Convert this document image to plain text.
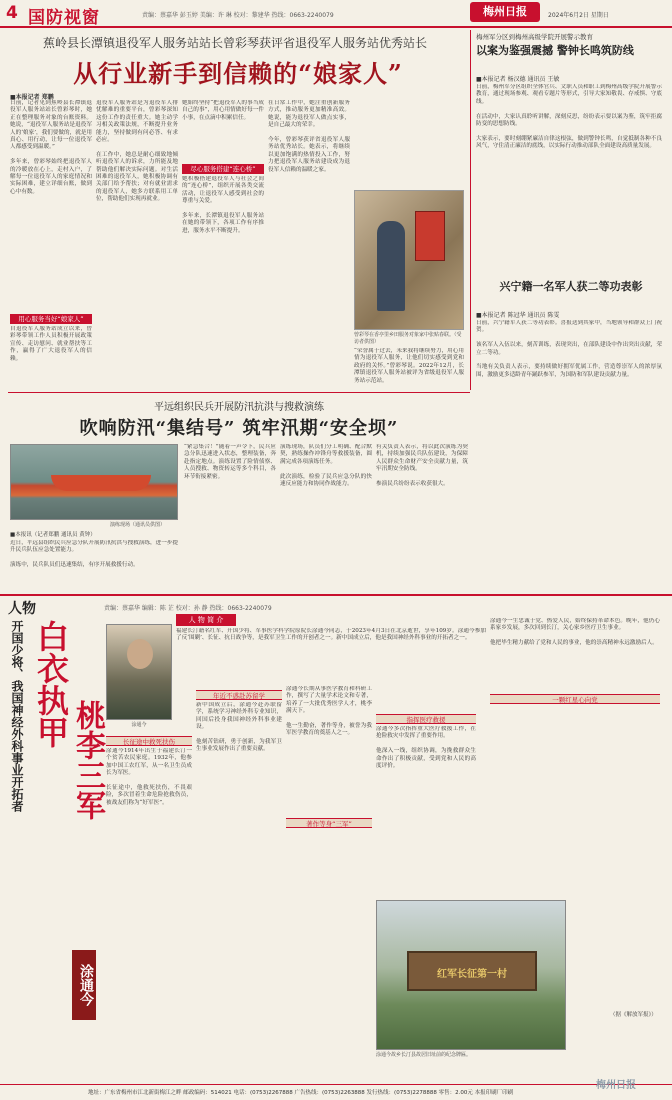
4 国防视窗	责编：蔡嘉华 彭玉婷 美编：许 琳 校对：黎建华 热线：0663-2240079	梅州日报	2024年6月2日 星期日
蕉岭县长潭镇退役军人服务站站长曾彩琴获评省退役军人服务站优秀站长
从行业新手到信赖的“娘家人”
■本报记者 郑鹏
日前，记者见到蕉岭县长潭镇退役军人服务站站长曾彩琴时，她正在整理服务对象的台账资料。她说，“退役军人服务站是退役军人的‘娘家’，我们要做的，就是用真心、用行动，让每一位退役军人都感受到温暖。”

多年来，曾彩琴始终把退役军人的冷暖放在心上，走村入户，了解每一位退役军人的家庭情况和实际困难，建立详细台账，做到心中有数。
用心服务当好“娘家人”
自退役军人服务站成立以来，曾彩琴带领工作人员积极开展政策宣传、走访慰问、就业帮扶等工作，赢得了广大退役军人的信赖。
退役军人服务站是为退役军人排忧解难的重要平台，曾彩琴深知这份工作的责任重大。她主动学习相关政策法规，不断提升业务能力，坚持做到有问必答、有求必应。

在工作中，她总是耐心细致地倾听退役军人的诉求，力所能及地帮助他们解决实际问题。对生活困难的退役军人，她积极协调有关部门给予帮扶；对有就业需求的退役军人，她多方联系用工单位，帮助他们实现再就业。
她始终坚持“把退役军人的事当成自己的事”，用心用情做好每一件小事，在点滴中积累信任。
尽心服务搭建“连心桥”
她积极搭建退役军人与社会之间的“连心桥”，组织开展各类交流活动，让退役军人感受到社会的尊重与关爱。

多年来，长潭镇退役军人服务站在她的带领下，各项工作有序推进，服务水平不断提升。
在日常工作中，她注重创新服务方式，推动服务更加精准高效。她说，能为退役军人做点实事，是自己最大的荣幸。

今年，曾彩琴获评省退役军人服务站优秀站长。她表示，将继续以更加饱满的热情投入工作，努力把退役军人服务站建设成为退役军人信赖的温暖之家。
曾彩琴在香亭里乡田服务对象家中张贴春联。（受访者供图）
“荣誉属于过去，未来我将继续努力，用心用情为退役军人服务，让他们切实感受到党和政府的关怀。”曾彩琴说。2022年12月，长潭镇退役军人服务站被评为省级退役军人服务站示范站。
梅州军分区到梅州高级学院开展警示教育
以案为鉴强震撼 警钟长鸣筑防线
■本报记者 杨汉德 通讯员 王敏
日前，梅州军分区组织全体官兵、文职人员和职工到梅州高级学院开展警示教育，通过现场参观、观看专题片等形式，引导大家知敬畏、存戒惧、守底线。

在活动中，大家认真聆听讲解，深刻反思，纷纷表示要以案为鉴，筑牢拒腐防变的思想防线。

大家表示，要时刻绷紧廉洁自律这根弦，做到警钟长鸣，自觉抵制各种不良风气，守住清正廉洁的底线，以实际行动推动部队全面建设高质量发展。
兴宁籍一名军人获二等功表彰
■本报记者 陈冠华 通讯员 陈雯
日前，兴宁籍军人获二等功表彰。喜报送到其家中，当地领导和群众上门祝贺。

该名军人入伍以来，刻苦训练，表现突出，在部队建设中作出突出贡献，荣立二等功。

当地有关负责人表示，要持续做好拥军优属工作，营造尊崇军人的浓厚氛围，激励更多适龄青年踊跃参军，为国防和军队建设贡献力量。
平远组织民兵开展防汛抗洪与搜救演练
吹响防汛“集结号” 筑牢汛期“安全坝”
演练现场（通讯员供图）
■本报讯（记者郑鹏 通讯员 黄钟）
近日，平远县组织民兵应急分队开展防汛抗洪与搜救演练，进一步提升民兵队伍应急处置能力。

演练中，民兵队员们迅速集结，有序开展救援行动。
“紧急集合！”随着一声令下，民兵应急分队迅速进入状态，整理装备，奔赴指定地点。演练设置了险情侦察、人员搜救、物资转运等多个科目，各环节衔接紧密。
演练现场，队员们分工明确、配合默契，熟练操作冲锋舟等救援装备，圆满完成各项演练任务。

此次演练，检验了民兵应急分队的快速反应能力和协同作战能力。
有关负责人表示，将以此次演练为契机，持续加强民兵队伍建设，为保障人民群众生命财产安全贡献力量，筑牢汛期安全防线。

参演民兵纷纷表示收获很大。
人物	责编：蔡嘉华 编辑：陈 芷 校对：孙 静 热线：0663-2240079
开国少将、我国神经外科事业开拓者 白衣执甲
桃李三军
涂通今
涂通今
人 物 简 介
福建长汀籍名红军、开国少将、军事医学科学院原院长涂通今同志，于2023年4月3日在北京逝世，享年109岁。涂通今参加了反‘围剿’、长征、抗日战争等，是我军卫生工作的开创者之一。新中国成立后，他是我国神经外科事业的开拓者之一。
长征途中救死扶伤
涂通今1914年出生于福建长汀一个贫苦农民家庭。1932年，他参加中国工农红军，从一名卫生员成长为军医。

长征途中，他救死扶伤，不畏艰险，多次冒着生命危险抢救伤员，被战友们称为“好军医”。
年近不惑赴苏留学
新中国成立后，涂通今赴苏联留学，系统学习神经外科专业知识，回国后投身我国神经外科事业建设。

他刻苦钻研，勇于创新，为我军卫生事业发展作出了重要贡献。
著作等身“三军”
涂通今长期从事医学教育和科研工作，撰写了大量学术论文和专著，培养了一大批优秀医学人才，桃李满天下。

他一生勤奋，著作等身，被誉为我军医学教育的奠基人之一。
指挥医疗救援
涂通今多次指挥重大医疗救援工作，在抢险救灾中发挥了重要作用。

他深入一线，组织协调，为挽救群众生命作出了积极贡献，受到党和人民的高度评价。
一颗红星心向党
涂通今一生忠诚于党、热爱人民，始终保持革命本色。晚年，他仍心系家乡发展，多次回到长汀，关心家乡医疗卫生事业。

他把毕生精力献给了党和人民的事业，他的崇高精神永远激励后人。
（据《解放军报》）
红军长征第一村
涂通今故乡长汀县故居旧址前的纪念牌匾。
地址：广东省梅州市江北新街梅江之畔 邮政编码：514021 电话：(0753)2267888 广告热线：(0753)2263888 发行热线：(0753)2278888 零售：2.00元 本报印刷厂印刷
梅州日报
